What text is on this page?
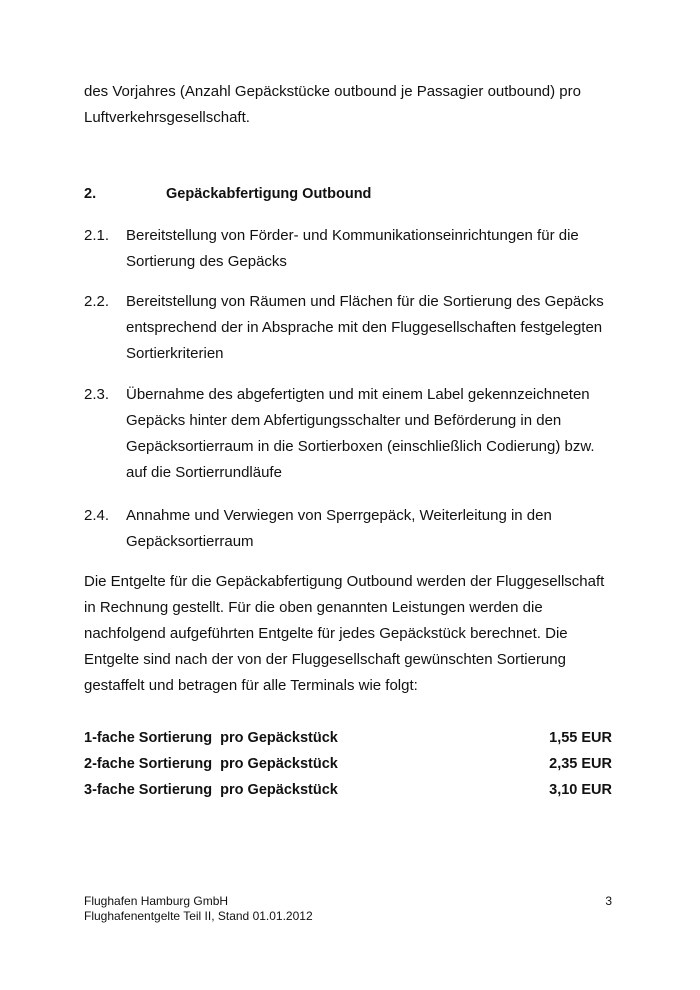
des Vorjahres (Anzahl Gepäckstücke outbound je Passagier outbound) pro
Luftverkehrsgesellschaft.
2.	Gepäckabfertigung Outbound
2.1. Bereitstellung von Förder- und Kommunikationseinrichtungen für die
Sortierung des Gepäcks
2.2. Bereitstellung von Räumen und Flächen für die Sortierung des Gepäcks
entsprechend der in Absprache mit den Fluggesellschaften festgelegten
Sortierkriterien
2.3. Übernahme des abgefertigten und mit einem Label gekennzeichneten
Gepäcks hinter dem Abfertigungsschalter und Beförderung in den
Gepäcksortierraum in die Sortierboxen (einschließlich Codierung) bzw.
auf die Sortierrundläufe
2.4. Annahme und Verwiegen von Sperrgepäck, Weiterleitung in den
Gepäcksortierraum
Die Entgelte für die Gepäckabfertigung Outbound werden der Fluggesellschaft
in Rechnung gestellt. Für die oben genannten Leistungen werden die
nachfolgend aufgeführten Entgelte für jedes Gepäckstück berechnet. Die
Entgelte sind nach der von der Fluggesellschaft gewünschten Sortierung
gestaffelt und betragen für alle Terminals wie folgt:
1-fache Sortierung  pro Gepäckstück	1,55 EUR
2-fache Sortierung  pro Gepäckstück	2,35 EUR
3-fache Sortierung  pro Gepäckstück	3,10 EUR
Flughafen Hamburg GmbH
Flughafenentgelte Teil II, Stand 01.01.2012
3
